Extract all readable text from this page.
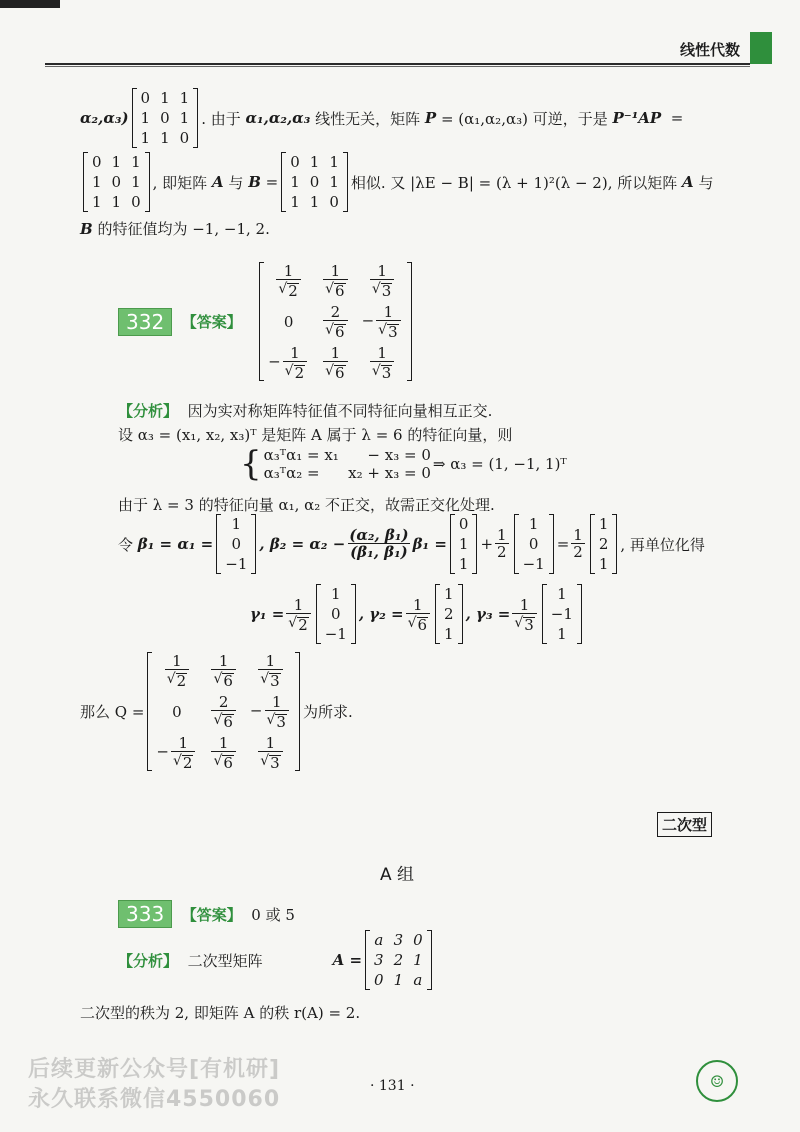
线性代数
α₂,α₃)
0 1 1
1 0 1
1 1 0
. 由于
α₁,α₂,α₃
线性无关，矩阵
P
= (α₁,α₂,α₃) 可逆，于是
P⁻¹AP
=
0 1 1
1 0 1
1 1 0
, 即矩阵
A
与
B
=
0 1 1
1 0 1
1 1 0
相似. 又 |λE − B| = (λ + 1)²(λ − 2), 所以矩阵
A
与
B
的特征值均为 −1, −1, 2.
332
	【答案】

$\frac{1}{√ 2} \frac{1}{√ 6} \frac{1}{√ 3}$
$0 \frac{2}{√ 6} - \frac{1}{√ 3}$
− $\frac{1}{√ 2} \frac{1}{√ 6} \frac{1}{√ 3}$
【分析】
因为实对称矩阵特征值不同特征向量相互正交.
设 α₃ = (x₁, x₂, x₃)ᵀ 是矩阵 A 属于 λ = 6 的特征向量，则
{ α₃ᵀα₁ = x₁      − x₃ = 0
α₃ᵀα₂ =      x₂ + x₃ = 0 ⇒ α₃ = (1, −1, 1)ᵀ
由于 λ = 3 的特征向量 α₁, α₂ 不正交，故需正交化处理.
令
β₁ = α₁ =
1
0
−1
, $\beta_2 = \alpha_2 - \frac{\text{(α₂, β₁)}}{\text{(β₁, β₁)}} \beta_1$ =
0
1
1
+ $\frac{1}{2}$
1
0
−1
= $\frac{1}{2}$
1
2
1
, 再单位化得
$\gamma_1 = \frac{1}{√ 2}$
1
0
−1
, $\gamma_2 = \frac{1}{√ 6}$
1
2
1
, $\gamma_3 = \frac{1}{√ 3}$
1
−1
1
那么 Q =
$\frac{1}{√ 2} \frac{1}{√ 6} \frac{1}{√ 3}$
$0 \frac{2}{√ 6} - \frac{1}{√ 3}$
− $\frac{1}{√ 2} \frac{1}{√ 6} \frac{1}{√ 3}$
为所求.
二次型
A 组
333
	【答案】
0 或 5
【分析】
二次型矩阵	A =
a 3 0
3 2 1
0 1 a
二次型的秩为 2, 即矩阵 A 的秩 r(A) = 2.
· 131 ·
后续更新公众号[有机研]
永久联系微信4550060
☺
